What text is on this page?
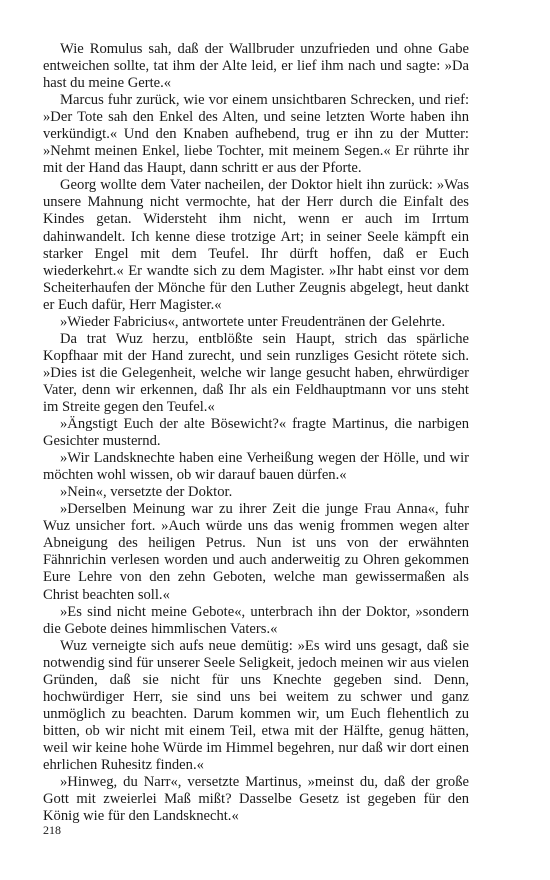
Wie Romulus sah, daß der Wallbruder unzufrieden und ohne Gabe entweichen sollte, tat ihm der Alte leid, er lief ihm nach und sagte: »Da hast du meine Gerte.«

Marcus fuhr zurück, wie vor einem unsichtbaren Schrecken, und rief: »Der Tote sah den Enkel des Alten, und seine letzten Worte haben ihn verkündigt.« Und den Knaben aufhebend, trug er ihn zu der Mutter: »Nehmt meinen Enkel, liebe Tochter, mit meinem Segen.« Er rührte ihr mit der Hand das Haupt, dann schritt er aus der Pforte.

Georg wollte dem Vater nacheilen, der Doktor hielt ihn zurück: »Was unsere Mahnung nicht vermochte, hat der Herr durch die Einfalt des Kindes getan. Widersteht ihm nicht, wenn er auch im Irrtum dahinwandelt. Ich kenne diese trotzige Art; in seiner Seele kämpft ein starker Engel mit dem Teufel. Ihr dürft hoffen, daß er Euch wiederkehrt.« Er wandte sich zu dem Magister. »Ihr habt einst vor dem Scheiterhaufen der Mönche für den Luther Zeugnis abgelegt, heut dankt er Euch dafür, Herr Magister.«

»Wieder Fabricius«, antwortete unter Freudentränen der Gelehrte.

Da trat Wuz herzu, entblößte sein Haupt, strich das spärliche Kopfhaar mit der Hand zurecht, und sein runzliges Gesicht rötete sich. »Dies ist die Gelegenheit, welche wir lange gesucht haben, ehrwürdiger Vater, denn wir erkennen, daß Ihr als ein Feldhauptmann vor uns steht im Streite gegen den Teufel.«

»Ängstigt Euch der alte Bösewicht?« fragte Martinus, die narbigen Gesichter musternd.

»Wir Landsknechte haben eine Verheißung wegen der Hölle, und wir möchten wohl wissen, ob wir darauf bauen dürfen.«

»Nein«, versetzte der Doktor.

»Derselben Meinung war zu ihrer Zeit die junge Frau Anna«, fuhr Wuz unsicher fort. »Auch würde uns das wenig frommen wegen alter Abneigung des heiligen Petrus. Nun ist uns von der erwähnten Fähnrichin verlesen worden und auch anderweitig zu Ohren gekommen Eure Lehre von den zehn Geboten, welche man gewissermaßen als Christ beachten soll.«

»Es sind nicht meine Gebote«, unterbrach ihn der Doktor, »sondern die Gebote deines himmlischen Vaters.«

Wuz verneigte sich aufs neue demütig: »Es wird uns gesagt, daß sie notwendig sind für unserer Seele Seligkeit, jedoch meinen wir aus vielen Gründen, daß sie nicht für uns Knechte gegeben sind. Denn, hochwürdiger Herr, sie sind uns bei weitem zu schwer und ganz unmöglich zu beachten. Darum kommen wir, um Euch flehentlich zu bitten, ob wir nicht mit einem Teil, etwa mit der Hälfte, genug hätten, weil wir keine hohe Würde im Himmel begehren, nur daß wir dort einen ehrlichen Ruhesitz finden.«

»Hinweg, du Narr«, versetzte Martinus, »meinst du, daß der große Gott mit zweierlei Maß mißt? Dasselbe Gesetz ist gegeben für den König wie für den Landsknecht.«

218
